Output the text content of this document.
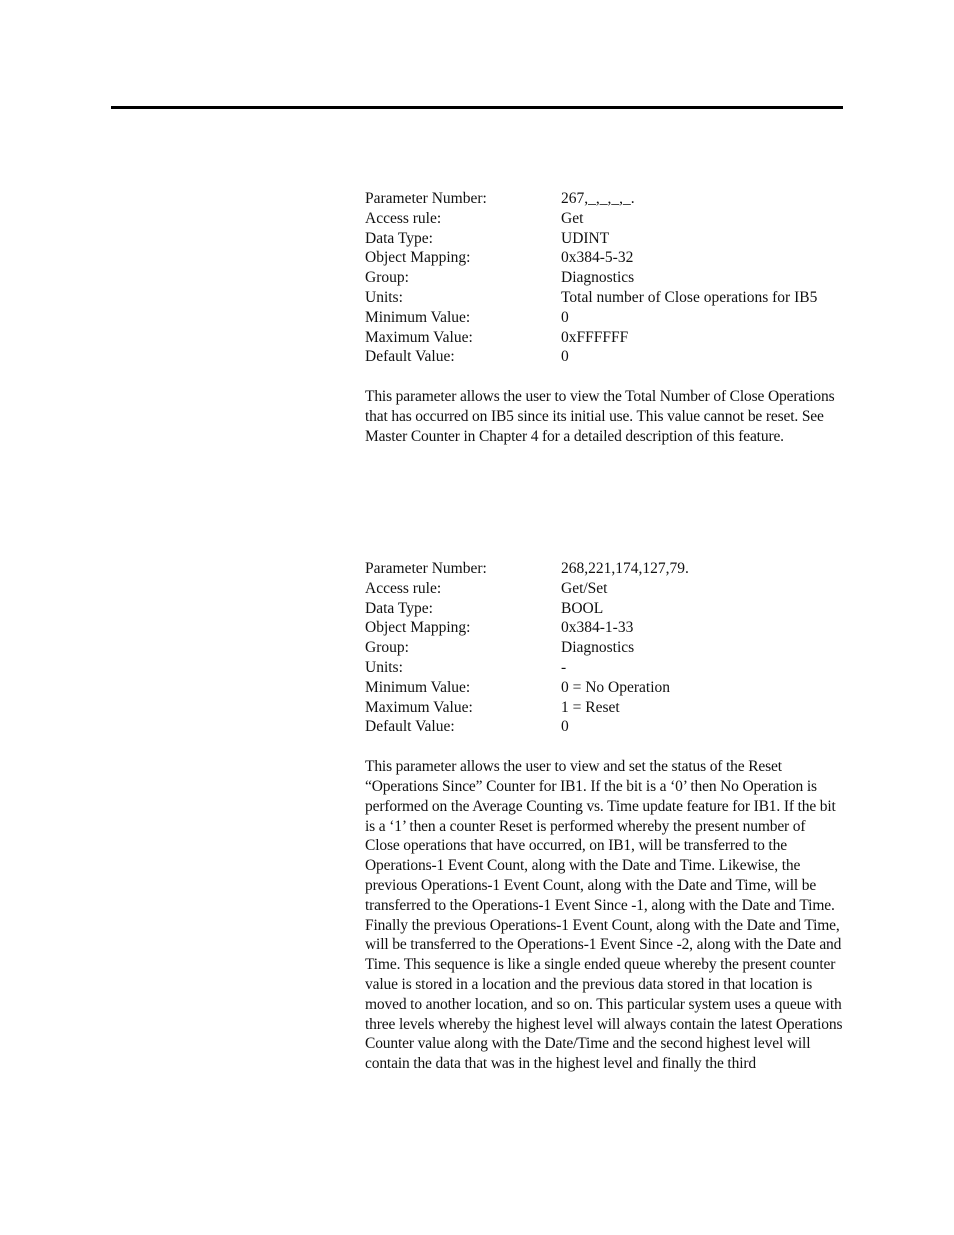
Parameter Number:	267,_,_,_,_.
Access rule:	Get
Data Type:	UDINT
Object Mapping:	0x384-5-32
Group:	Diagnostics
Units:	Total number of Close operations for IB5
Minimum Value:	0
Maximum Value:	0xFFFFFF
Default Value:	0

This parameter allows the user to view the Total Number of Close Operations that has occurred on IB5 since its initial use. This value cannot be reset. See Master Counter in Chapter 4 for a detailed description of this feature.

Parameter Number:	268,221,174,127,79.
Access rule:	Get/Set
Data Type:	BOOL
Object Mapping:	0x384-1-33
Group:	Diagnostics
Units:	-
Minimum Value:	0 = No Operation
Maximum Value:	1 = Reset
Default Value:	0

This parameter allows the user to view and set the status of the Reset “Operations Since” Counter for IB1. If the bit is a ‘0’ then No Operation is performed on the Average Counting vs. Time update feature for IB1. If the bit is a ‘1’ then a counter Reset is performed whereby the present number of Close operations that have occurred, on IB1, will be transferred to the Operations-1 Event Count, along with the Date and Time. Likewise, the previous Operations-1 Event Count, along with the Date and Time, will be transferred to the Operations-1 Event Since -1, along with the Date and Time. Finally the previous Operations-1 Event Count, along with the Date and Time, will be transferred to the Operations-1 Event Since -2, along with the Date and Time. This sequence is like a single ended queue whereby the present counter value is stored in a location and the previous data stored in that location is moved to another location, and so on. This particular system uses a queue with three levels whereby the highest level will always contain the latest Operations Counter value along with the Date/Time and the second highest level will contain the data that was in the highest level and finally the third
